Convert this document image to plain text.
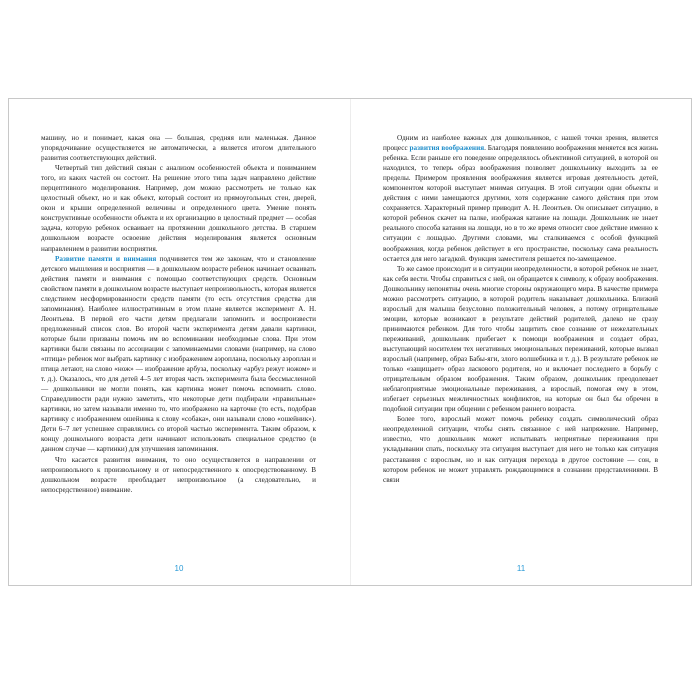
машину, но и понимает, какая она — большая, средняя или маленькая. Данное упорядочивание осуществляется не автоматически, а является итогом длительного развития соответствующих действий.

Четвертый тип действий связан с анализом особенностей объекта и пониманием того, из каких частей он состоит. На решение этого типа задач направлено действие перцептивного моделирования. Например, дом можно рассмотреть не только как целостный объект, но и как объект, который состоит из прямоугольных стен, дверей, окон и крыши определенной величины и определенного цвета. Умение понять конструктивные особенности объекта и их организацию в целостный предмет — особая задача, которую ребенок осваивает на протяжении дошкольного детства. В старшем дошкольном возрасте освоение действия моделирования является основным направлением в развитии восприятия.

Развитие памяти и внимания подчиняется тем же законам, что и становление детского мышления и восприятия — в дошкольном возрасте ребенок начинает осваивать действия памяти и внимания с помощью соответствующих средств. Основным свойством памяти в дошкольном возрасте выступает непроизвольность, которая является следствием несформированности средств памяти (то есть отсутствия средства для запоминания). Наиболее иллюстративным в этом плане является эксперимент А. Н. Леонтьева. В первой его части детям предлагали запомнить и воспроизвести предложенный список слов. Во второй части эксперимента детям давали картинки, которые были призваны помочь им во вспоминании необходимые слова. При этом картинки были связаны по ассоциации с запоминаемыми словами (например, на слово «птица» ребенок мог выбрать картинку с изображением аэроплана, поскольку аэроплан и птица летают, на слово «нож» — изображение арбуза, поскольку «арбуз режут ножом» и т. д.). Оказалось, что для детей 4–5 лет вторая часть эксперимента была бессмысленной — дошкольники не могли понять, как картинка может помочь вспомнить слово. Справедливости ради нужно заметить, что некоторые дети подбирали «правильные» картинки, но затем называли именно то, что изображено на карточке (то есть, подобрав картинку с изображением ошейника к слову «собака», они называли слово «ошейник»). Дети 6–7 лет успешнее справлялись со второй частью эксперимента. Таким образом, к концу дошкольного возраста дети начинают использовать специальное средство (в данном случае — картинки) для улучшения запоминания.

Что касается развития внимания, то оно осуществляется в направлении от непроизвольного к произвольному и от непосредственного к опосредствованному. В дошкольном возрасте преобладает непроизвольное (а следовательно, и непосредственное) внимание.

10

Одним из наиболее важных для дошкольников, с нашей точки зрения, является процесс развития воображения. Благодаря появлению воображения меняется вся жизнь ребенка. Если раньше его поведение определялось объективной ситуацией, в которой он находился, то теперь образ воображения позволяет дошкольнику выходить за ее пределы. Примером проявления воображения является игровая деятельность детей, компонентом которой выступает мнимая ситуация. В этой ситуации одни объекты и действия с ними замещаются другими, хотя содержание самого действия при этом сохраняется. Характерный пример приводит А. Н. Леонтьев. Он описывает ситуацию, в которой ребенок скачет на палке, изображая катание на лошади. Дошкольник не знает реального способа катания на лошади, но в то же время относит свое действие именно к ситуации с лошадью. Другими словами, мы сталкиваемся с особой функцией воображения, когда ребенок действует в его пространстве, поскольку сама реальность остается для него загадкой. Функция заместителя решается по-замещаемое.

То же самое происходит и в ситуации неопределенности, в которой ребенок не знает, как себя вести. Чтобы справиться с ней, он обращается к символу, к образу воображения. Дошкольнику непонятны очень многие стороны окружающего мира. В качестве примера можно рассмотреть ситуацию, в которой родитель наказывает дошкольника. Близкий взрослый для малыша безусловно положительный человек, а потому отрицательные эмоции, которые возникают в результате действий родителей, далеко не сразу принимаются ребенком. Для того чтобы защитить свое сознание от нежелательных переживаний, дошкольник прибегает к помощи воображения и создает образ, выступающий носителем тех негативных эмоциональных переживаний, которые вызвал взрослый (например, образ Бабы-яги, злого волшебника и т. д.). В результате ребенок не только «защищает» образ ласкового родителя, но и включает последнего в борьбу с отрицательным образом воображения. Таким образом, дошкольник преодолевает неблагоприятные эмоциональные переживания, а взрослый, помогая ему в этом, избегает серьезных межличностных конфликтов, на которые он был бы обречен в подобной ситуации при общении с ребенком раннего возраста.

Более того, взрослый может помочь ребенку создать символический образ неопределенной ситуации, чтобы снять связанное с ней напряжение. Например, известно, что дошкольник может испытывать неприятные переживания при укладывании спать, поскольку эта ситуация выступает для него не только как ситуация расставания с взрослым, но и как ситуация перехода в другое состояние — сон, в котором ребенок не может управлять рождающимися в сознании представлениями. В связи

11
